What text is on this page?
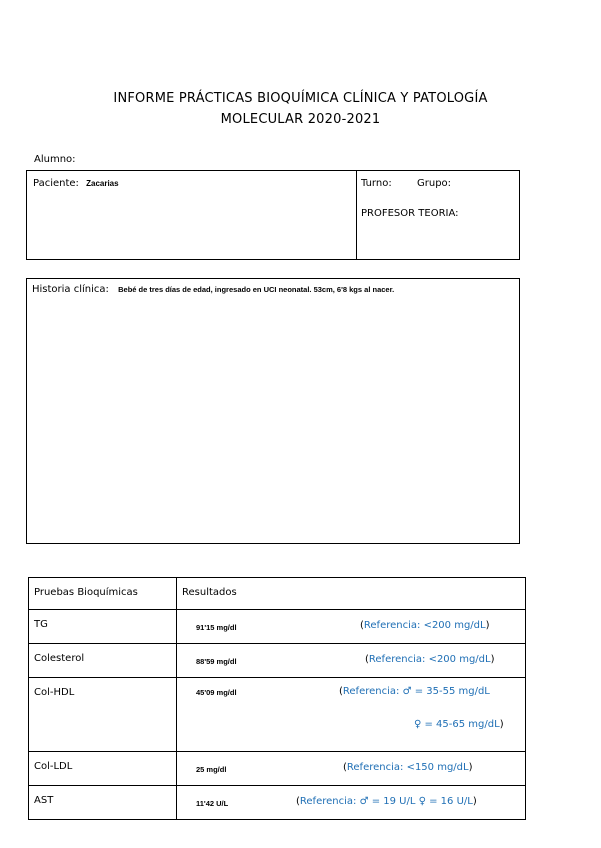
INFORME PRÁCTICAS BIOQUÍMICA CLÍNICA Y PATOLOGÍA
MOLECULAR 2020-2021
Alumno:
Paciente: Zacarias	Turno:	Grupo:
PROFESOR TEORIA:
Historia clínica: Bebé de tres días de edad, ingresado en UCI neonatal. 53cm, 6'8 kgs al nacer.
Pruebas Bioquímicas	Resultados

TG	91'15 mg/dl (Referencia: <200 mg/dL)

Colesterol	88'59 mg/dl (Referencia: <200 mg/dL)

Col-HDL	45'09 mg/dl (Referencia: ♂ = 35-55 mg/dL
♀ = 45-65 mg/dL)

Col-LDL	25 mg/dl (Referencia: <150 mg/dL)

AST	11'42 U/L (Referencia: ♂ = 19 U/L ♀ = 16 U/L)
